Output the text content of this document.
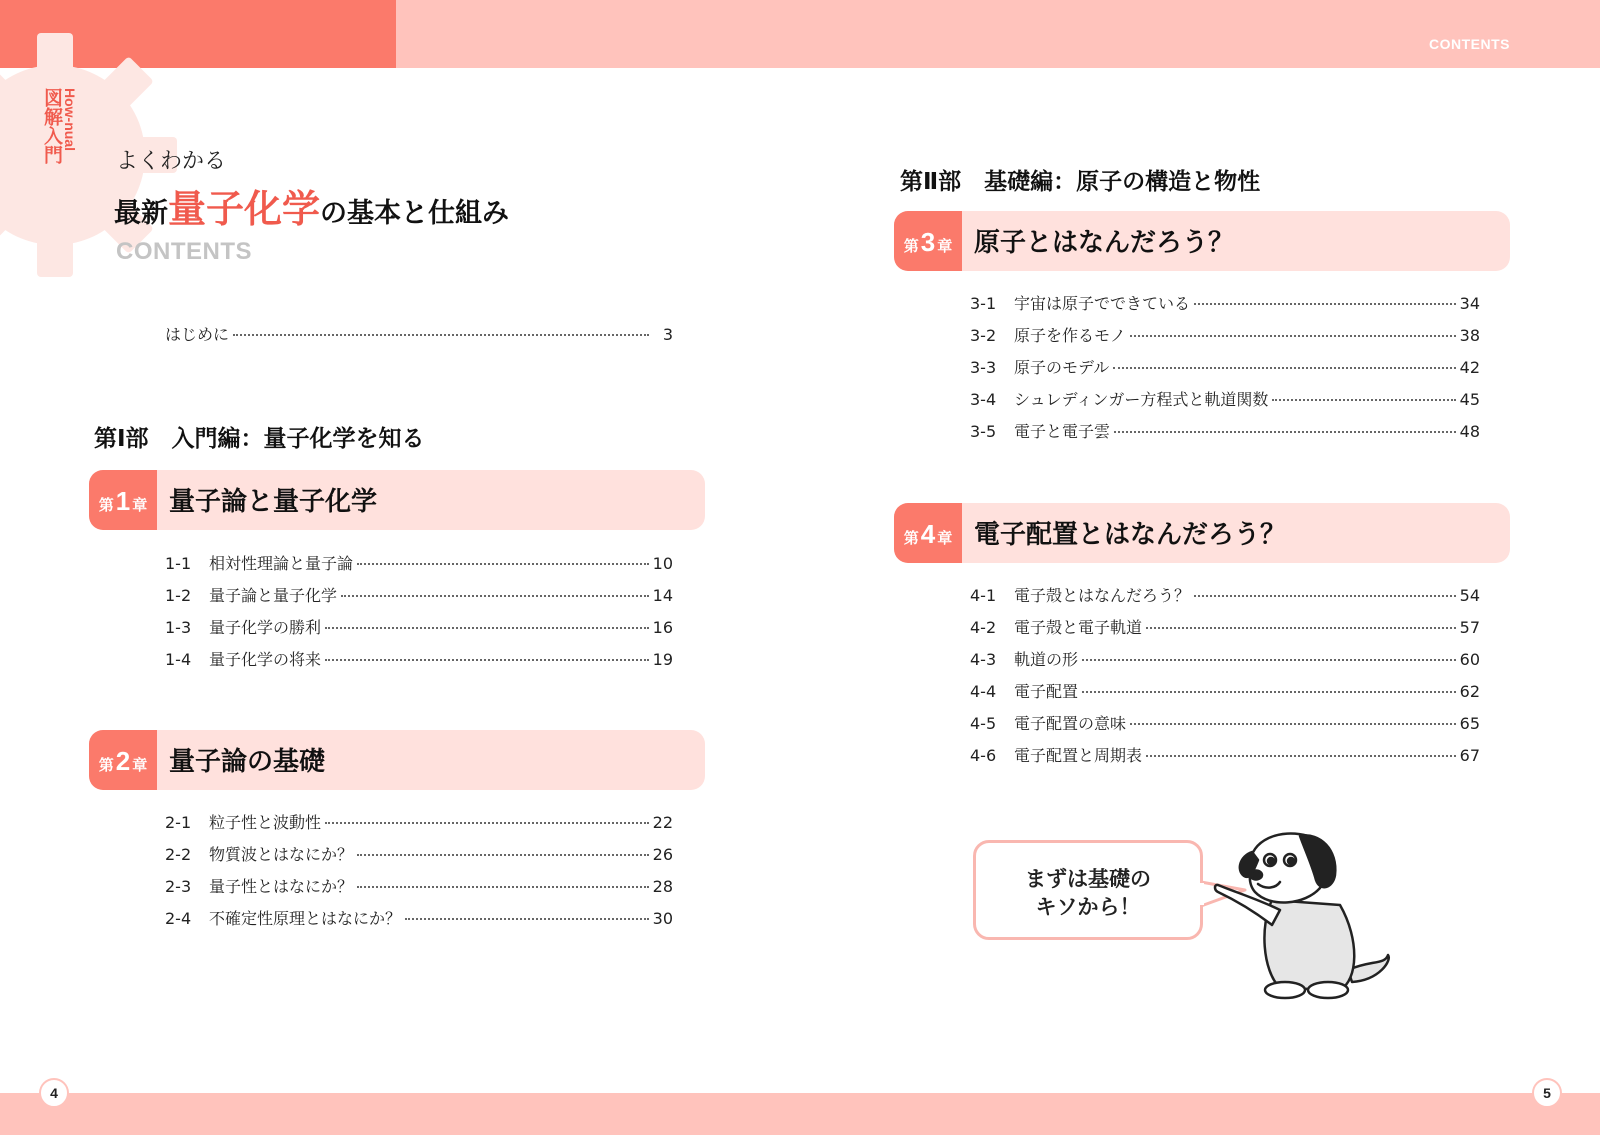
CONTENTS
図解入門 How-nual
よくわかる
最新量子化学の基本と仕組み
CONTENTS
はじめに	3
第Ⅰ部　入門編：量子化学を知る
第 1 章 量子論と量子化学
1-1	相対性理論と量子論	10
1-2	量子論と量子化学	14
1-3	量子化学の勝利	16
1-4	量子化学の将来	19
第 2 章 量子論の基礎
2-1	粒子性と波動性	22
2-2	物質波とはなにか？	26
2-3	量子性とはなにか？	28
2-4	不確定性原理とはなにか？	30
第Ⅱ部　基礎編：原子の構造と物性
第 3 章 原子とはなんだろう？
3-1	宇宙は原子でできている	34
3-2	原子を作るモノ	38
3-3	原子のモデル	42
3-4	シュレディンガー方程式と軌道関数	45
3-5	電子と電子雲	48
第 4 章 電子配置とはなんだろう？
4-1	電子殻とはなんだろう？	54
4-2	電子殻と電子軌道	57
4-3	軌道の形	60
4-4	電子配置	62
4-5	電子配置の意味	65
4-6	電子配置と周期表	67
まずは基礎の
キソから！
4	5
